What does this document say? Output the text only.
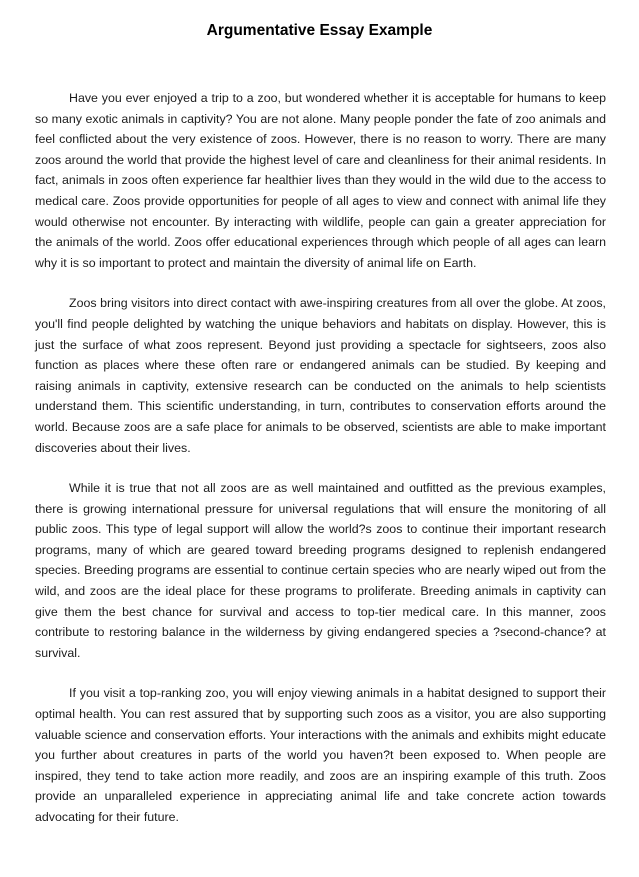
Argumentative Essay Example

Have you ever enjoyed a trip to a zoo, but wondered whether it is acceptable for humans to keep so many exotic animals in captivity? You are not alone. Many people ponder the fate of zoo animals and feel conflicted about the very existence of zoos. However, there is no reason to worry. There are many zoos around the world that provide the highest level of care and cleanliness for their animal residents. In fact, animals in zoos often experience far healthier lives than they would in the wild due to the access to medical care. Zoos provide opportunities for people of all ages to view and connect with animal life they would otherwise not encounter. By interacting with wildlife, people can gain a greater appreciation for the animals of the world. Zoos offer educational experiences through which people of all ages can learn why it is so important to protect and maintain the diversity of animal life on Earth.

Zoos bring visitors into direct contact with awe-inspiring creatures from all over the globe. At zoos, you'll find people delighted by watching the unique behaviors and habitats on display. However, this is just the surface of what zoos represent. Beyond just providing a spectacle for sightseers, zoos also function as places where these often rare or endangered animals can be studied. By keeping and raising animals in captivity, extensive research can be conducted on the animals to help scientists understand them. This scientific understanding, in turn, contributes to conservation efforts around the world. Because zoos are a safe place for animals to be observed, scientists are able to make important discoveries about their lives.

While it is true that not all zoos are as well maintained and outfitted as the previous examples, there is growing international pressure for universal regulations that will ensure the monitoring of all public zoos. This type of legal support will allow the world?s zoos to continue their important research programs, many of which are geared toward breeding programs designed to replenish endangered species. Breeding programs are essential to continue certain species who are nearly wiped out from the wild, and zoos are the ideal place for these programs to proliferate. Breeding animals in captivity can give them the best chance for survival and access to top-tier medical care. In this manner, zoos contribute to restoring balance in the wilderness by giving endangered species a ?second-chance? at survival.

If you visit a top-ranking zoo, you will enjoy viewing animals in a habitat designed to support their optimal health. You can rest assured that by supporting such zoos as a visitor, you are also supporting valuable science and conservation efforts. Your interactions with the animals and exhibits might educate you further about creatures in parts of the world you haven?t been exposed to. When people are inspired, they tend to take action more readily, and zoos are an inspiring example of this truth. Zoos provide an unparalleled experience in appreciating animal life and take concrete action towards advocating for their future.
